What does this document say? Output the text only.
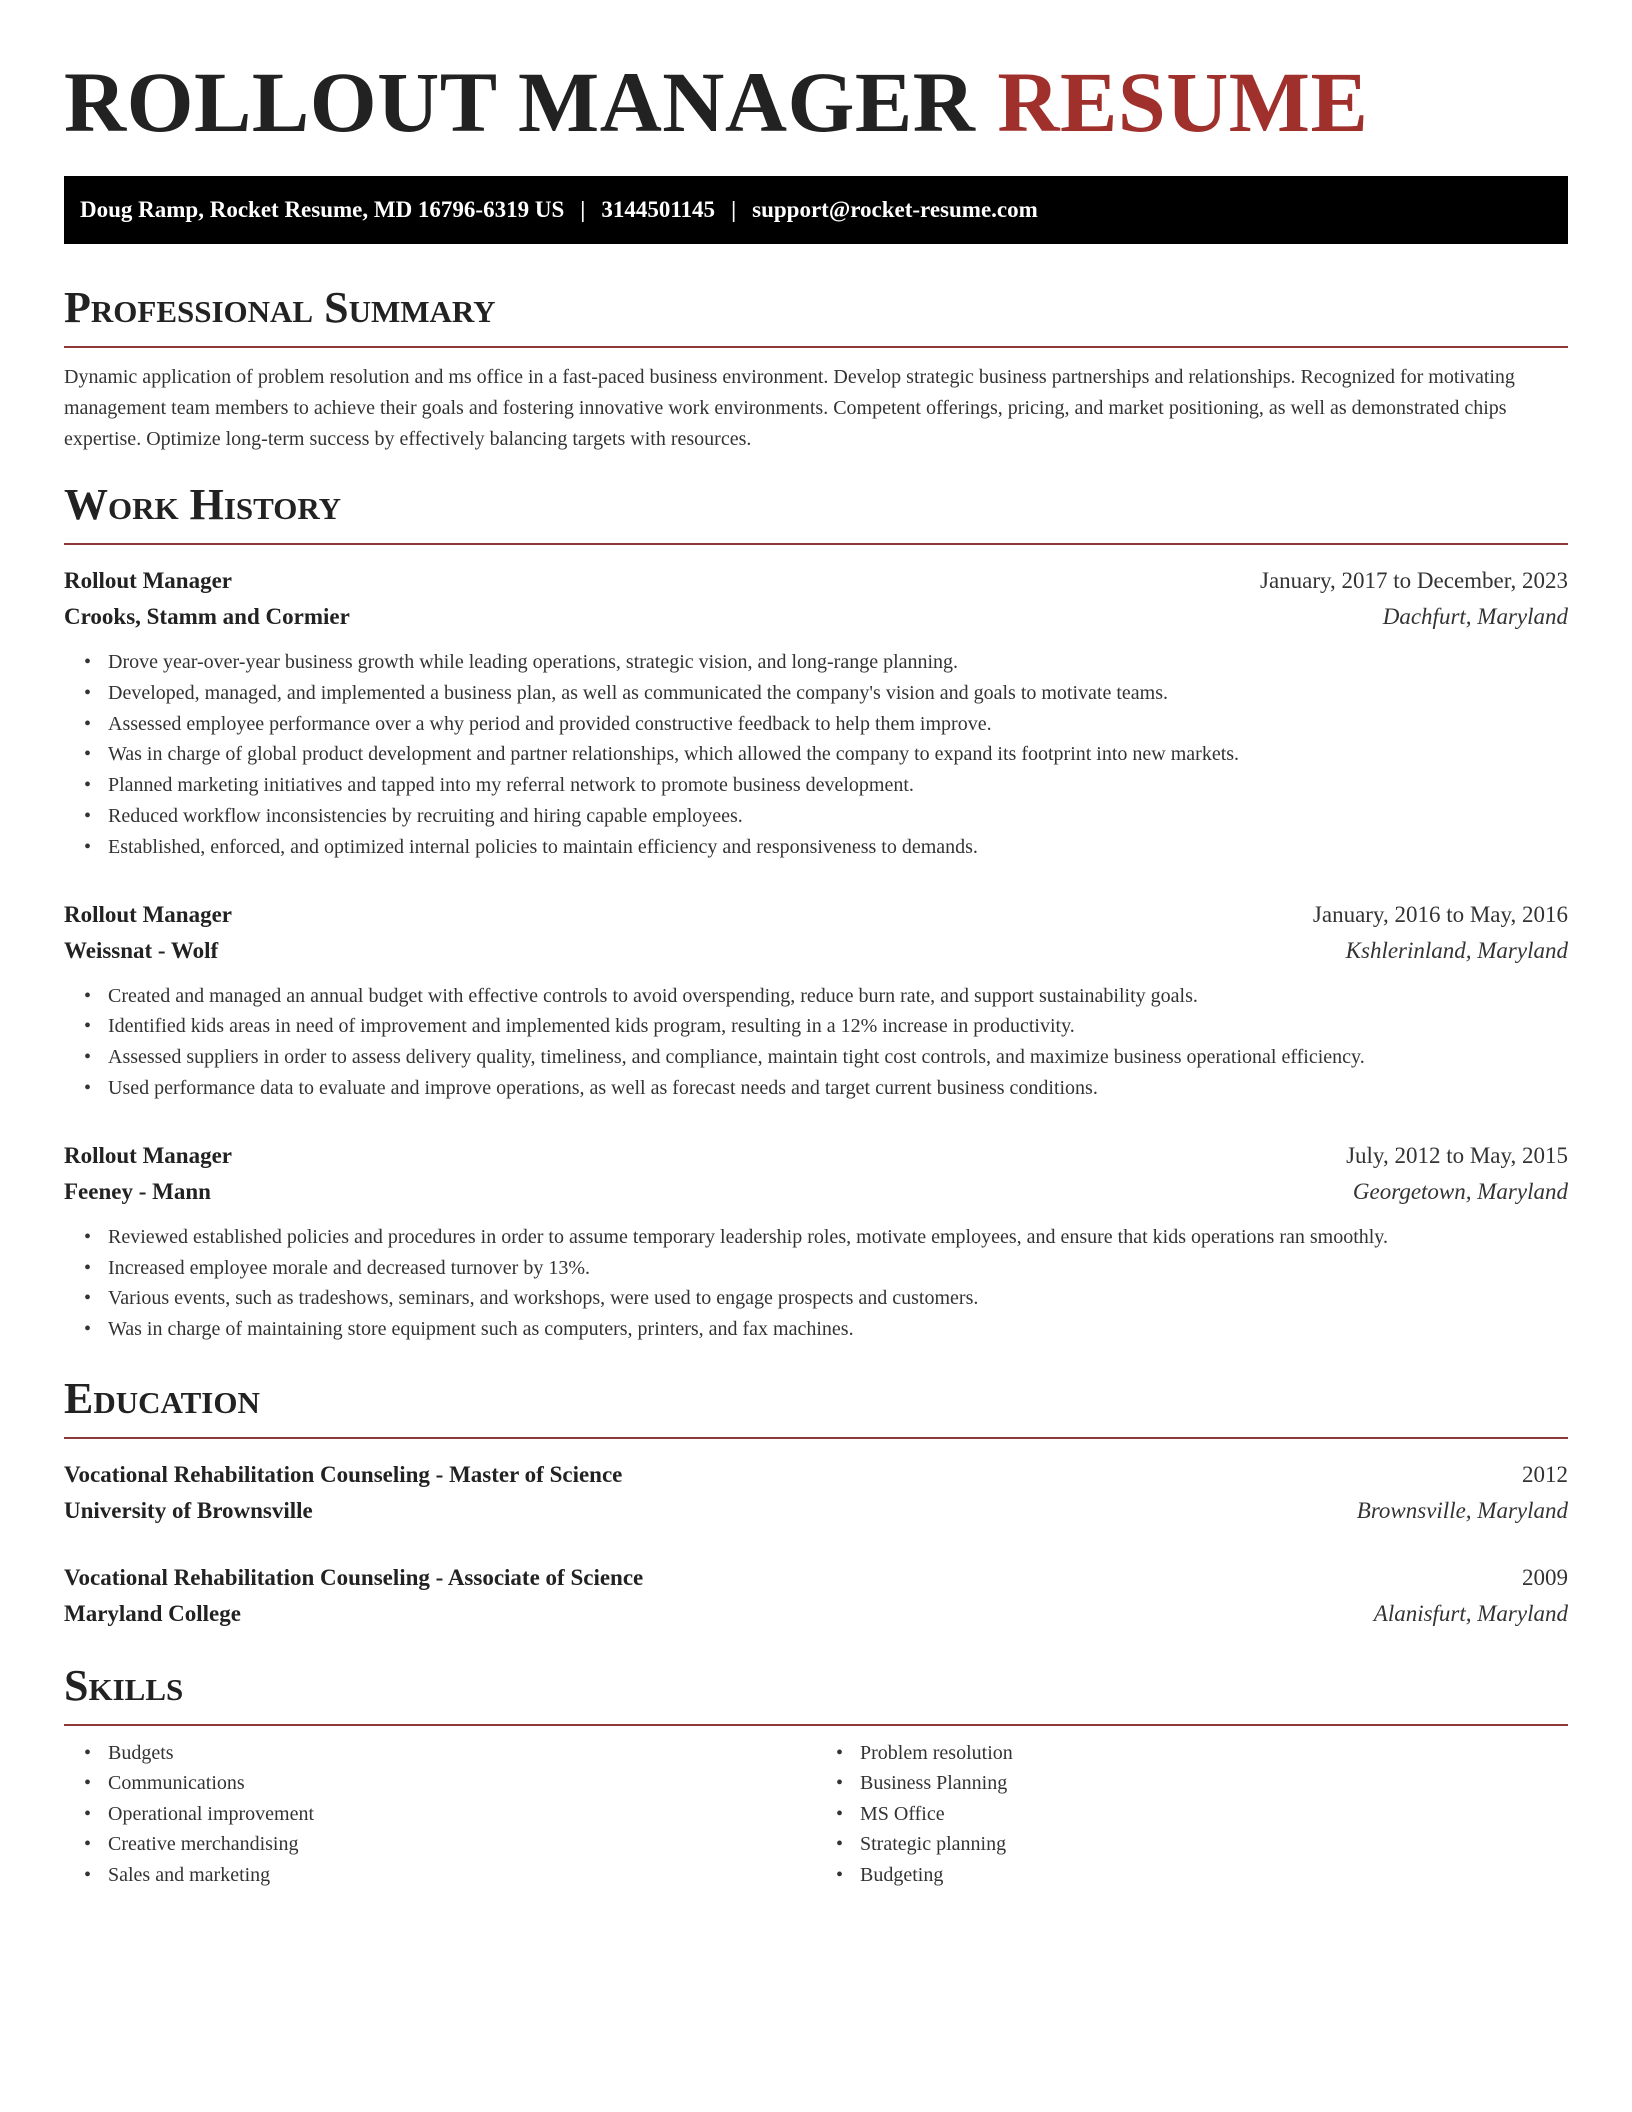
ROLLOUT MANAGER RESUME
Doug Ramp, Rocket Resume, MD 16796-6319 US | 3144501145 | support@rocket-resume.com
Professional Summary

Dynamic application of problem resolution and ms office in a fast-paced business environment. Develop strategic business partnerships and relationships. Recognized for motivating management team members to achieve their goals and fostering innovative work environments. Competent offerings, pricing, and market positioning, as well as demonstrated chips expertise. Optimize long-term success by effectively balancing targets with resources.

Work History
Rollout Manager	January, 2017 to December, 2023
Crooks, Stamm and Cormier	Dachfurt, Maryland
• Drove year-over-year business growth while leading operations, strategic vision, and long-range planning.
• Developed, managed, and implemented a business plan, as well as communicated the company's vision and goals to motivate teams.
• Assessed employee performance over a why period and provided constructive feedback to help them improve.
• Was in charge of global product development and partner relationships, which allowed the company to expand its footprint into new markets.
• Planned marketing initiatives and tapped into my referral network to promote business development.
• Reduced workflow inconsistencies by recruiting and hiring capable employees.
• Established, enforced, and optimized internal policies to maintain efficiency and responsiveness to demands.
Rollout Manager	January, 2016 to May, 2016
Weissnat - Wolf	Kshlerinland, Maryland
• Created and managed an annual budget with effective controls to avoid overspending, reduce burn rate, and support sustainability goals.
• Identified kids areas in need of improvement and implemented kids program, resulting in a 12% increase in productivity.
• Assessed suppliers in order to assess delivery quality, timeliness, and compliance, maintain tight cost controls, and maximize business operational efficiency.
• Used performance data to evaluate and improve operations, as well as forecast needs and target current business conditions.
Rollout Manager	July, 2012 to May, 2015
Feeney - Mann	Georgetown, Maryland
• Reviewed established policies and procedures in order to assume temporary leadership roles, motivate employees, and ensure that kids operations ran smoothly.
• Increased employee morale and decreased turnover by 13%.
• Various events, such as tradeshows, seminars, and workshops, were used to engage prospects and customers.
• Was in charge of maintaining store equipment such as computers, printers, and fax machines.
Education
Vocational Rehabilitation Counseling - Master of Science	2012
University of Brownsville	Brownsville, Maryland
Vocational Rehabilitation Counseling - Associate of Science	2009
Maryland College	Alanisfurt, Maryland
Skills
• Budgets
• Communications
• Operational improvement
• Creative merchandising
• Sales and marketing
• Problem resolution
• Business Planning
• MS Office
• Strategic planning
• Budgeting
